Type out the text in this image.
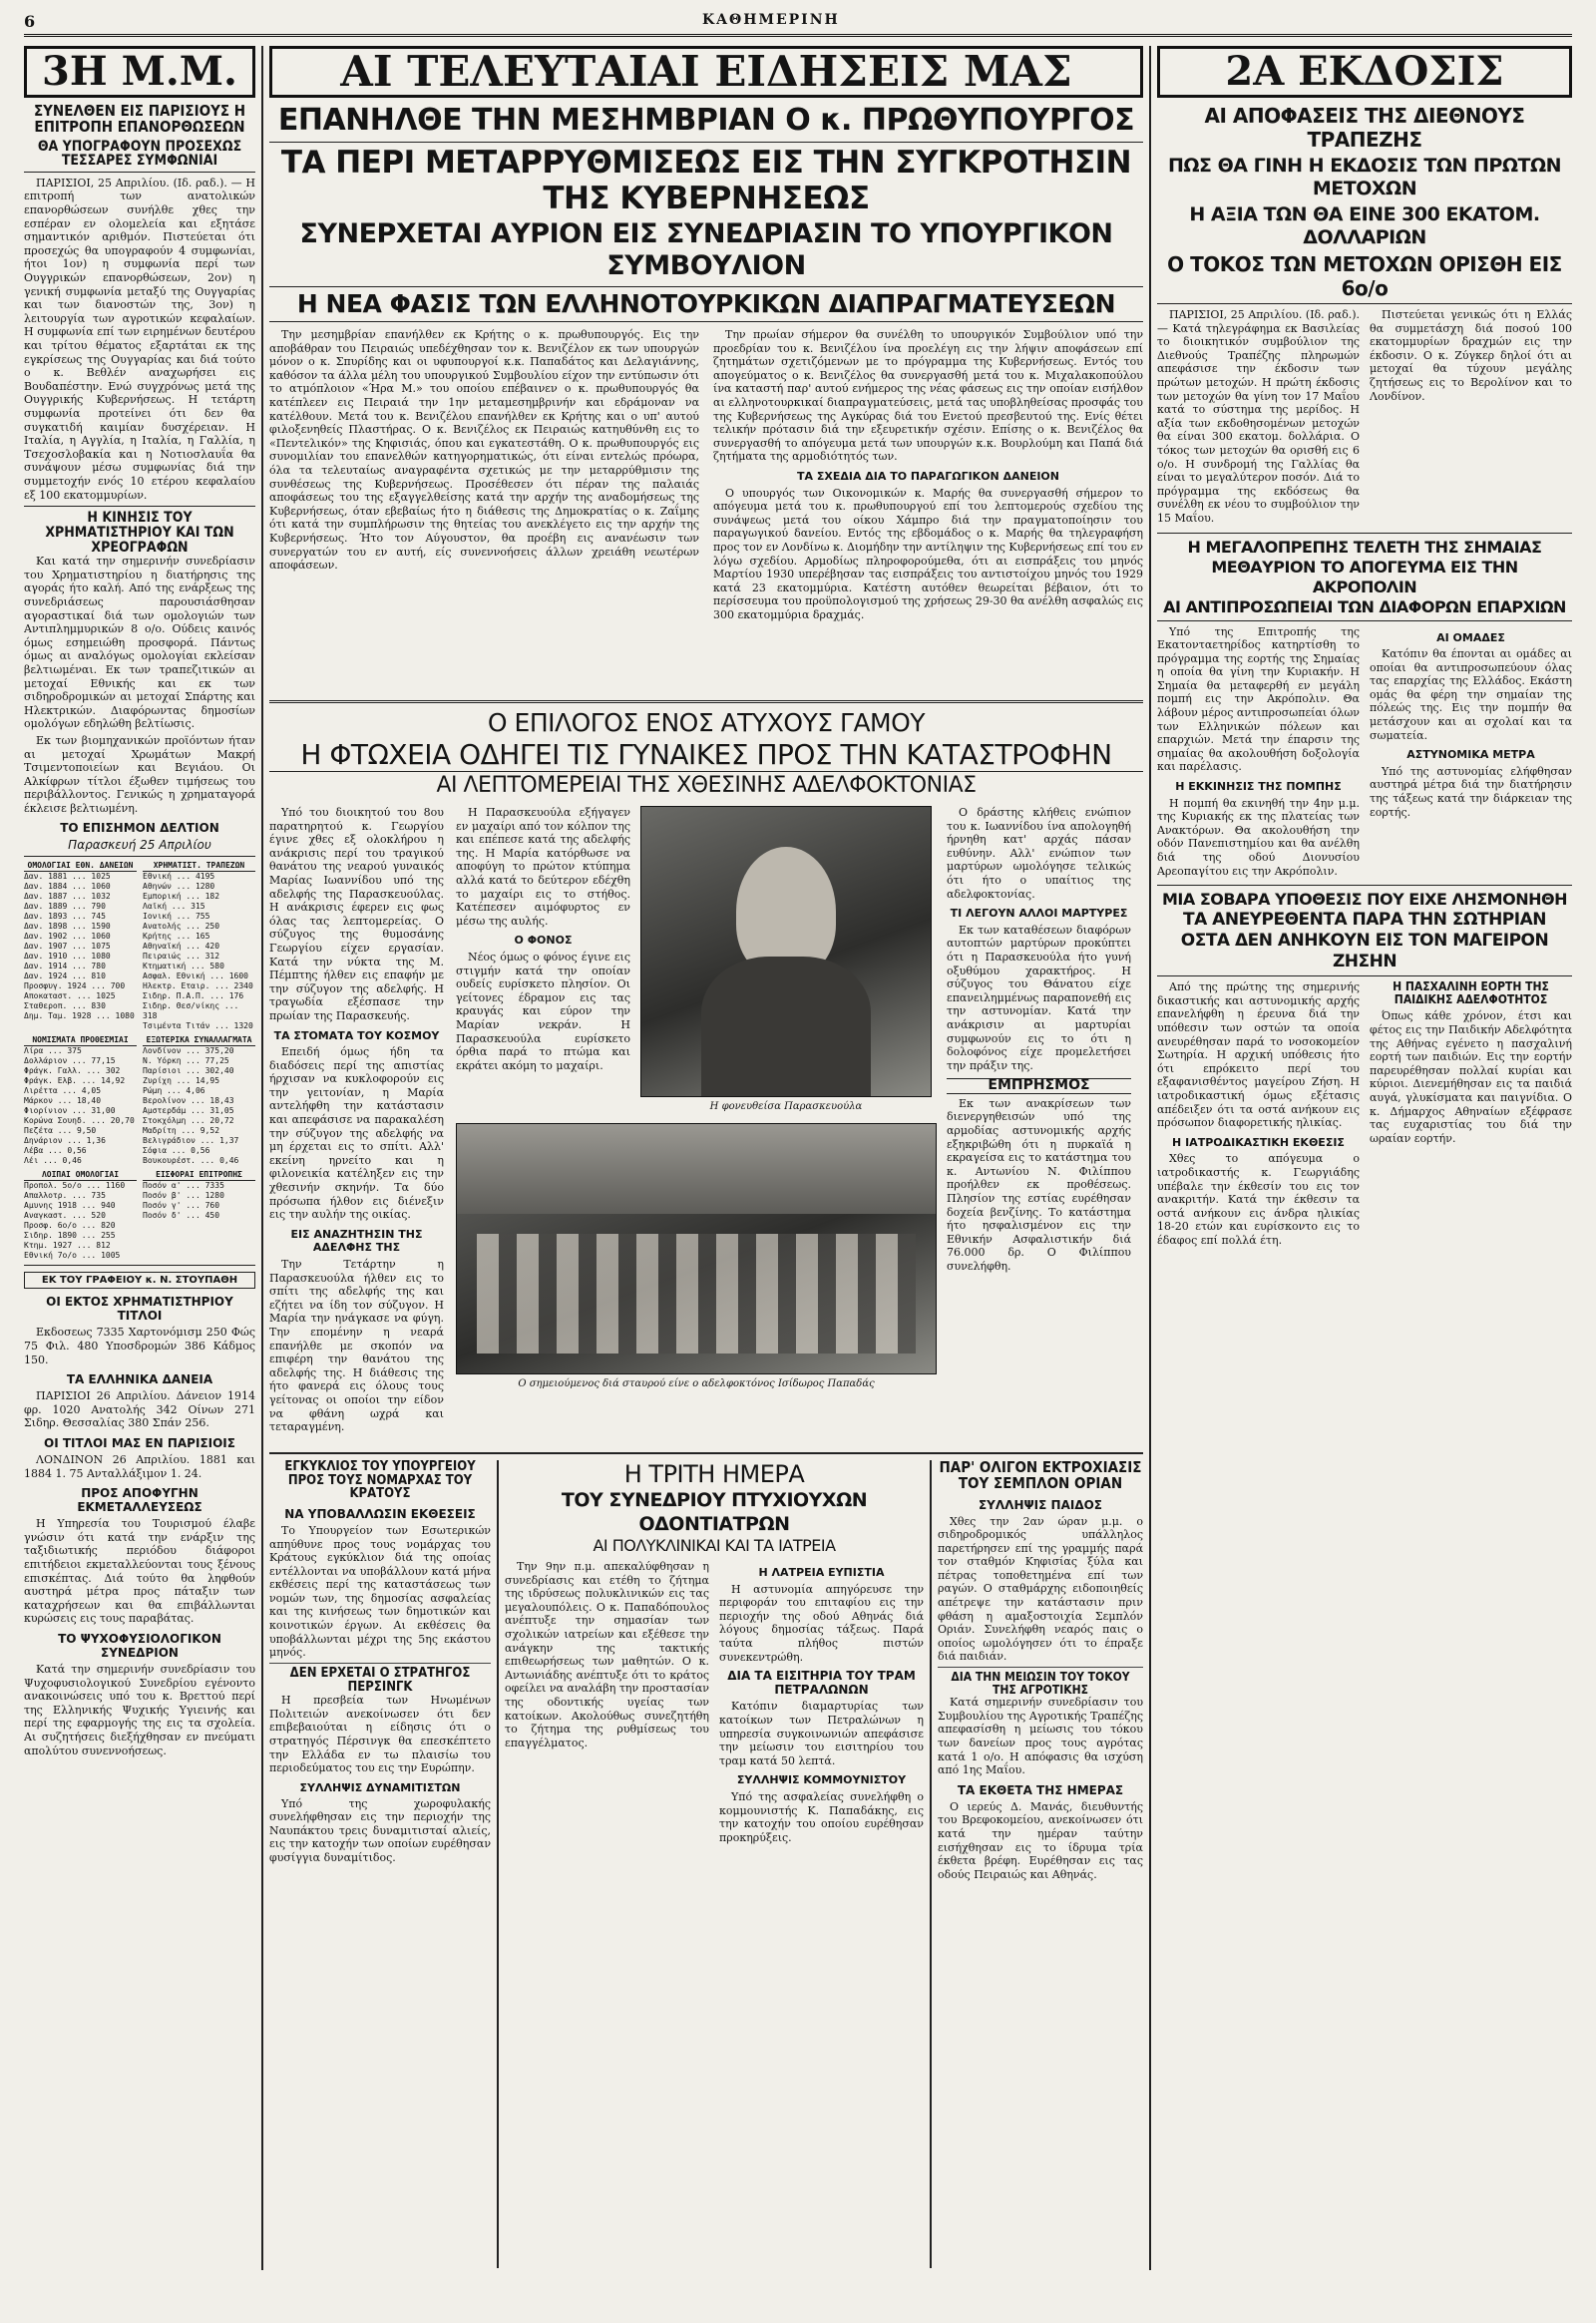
6	ΚΑΘΗΜΕΡΙΝΗ
3Η Μ.Μ.	ΑΙ ΤΕΛΕΥΤΑΙΑΙ ΕΙΔΗΣΕΙΣ ΜΑΣ	2Α ΕΚΔΟΣΙΣ
ΣΥΝΕΛΘΕΝ ΕΙΣ ΠΑΡΙΣΙΟΥΣ Η ΕΠΙΤΡΟΠΗ ΕΠΑΝΟΡΘΩΣΕΩΝ
ΘΑ ΥΠΟΓΡΑΦΟΥΝ ΠΡΟΣΕΧΩΣ ΤΕΣΣΑΡΕΣ ΣΥΜΦΩΝΙΑΙ

ΠΑΡΙΣΙΟΙ, 25 Απριλίου. (Ιδ. ραδ.). — Η επιτροπή των ανατολικών επανορθώσεων συνήλθε χθες την εσπέραν εν ολομελεία και εξητάσε σημαντικόν αριθμόν. Πιστεύεται ότι προσεχώς θα υπογραφούν 4 συμφωνίαι, ήτοι 1ον) η συμφωνία περί των Ουγγρικών επανορθώσεων, 2ον) η γενική συμφωνία μεταξύ της Ουγγαρίας και των διανοστών της, 3ον) η λειτουργία των αγροτικών κεφαλαίων. Η συμφωνία επί των ειρημένων δευτέρου και τρίτου θέματος εξαρτάται εκ της εγκρίσεως της Ουγγαρίας και διά τούτο ο κ. Βεθλέν αναχωρήσει εις Βουδαπέστην. Ενώ συγχρόνως μετά της Ουγγρικής Κυβερνήσεως. Η τετάρτη συμφωνία προτείνει ότι δεν θα συγκατιδή καιμίαν δυσχέρειαν. Η Ιταλία, η Αγγλία, η Ιταλία, η Γαλλία, η Τσεχοσλοβακία και η Νοτιοσλαυΐα θα συνάψουν μέσω συμφωνίας διά την συμμετοχήν ενός 10 ετέρου κεφαλαίου εξ 100 εκατομμυρίων.

Η ΚΙΝΗΣΙΣ ΤΟΥ ΧΡΗΜΑΤΙΣΤΗΡΙΟΥ ΚΑΙ ΤΩΝ ΧΡΕΟΓΡΑΦΩΝ

Και κατά την σημερινήν συνεδρίασιν του Χρηματιστηρίου η διατήρησις της αγοράς ήτο καλή. Από της ενάρξεως της συνεδριάσεως παρουσιάσθησαν αγοραστικαί διά των ομολογιών των Αντιπλημμυρικών 8 ο/ο. Ούδεις καινός όμως εσημειώθη προσφορά. Πάντως όμως αι αναλόγως ομολογίαι εκλείσαν βελτιωμέναι. Εκ των τραπεζιτικών αι μετοχαί Εθνικής και εκ των σιδηροδρομικών αι μετοχαί Σπάρτης και Ηλεκτρικών. Διαφόρωντας δημοσίων ομολόγων εδηλώθη βελτίωσις.

Εκ των βιομηχανικών προϊόντων ήταν αι μετοχαί Χρωμάτων Μακρή Τσιμεντοποιείων και Βεγιάου. Οι Αλκίφρων τίτλοι έξωθεν τιμήσεως του περιβάλλοντος. Γενικώς η χρηματαγορά έκλεισε βελτιωμένη.

ΤΟ ΕΠΙΣΗΜΟΝ ΔΕΛΤΙΟΝ
Παρασκευή 25 Απριλίου
ΟΜΟΛΟΓΙΑΙ ΕΘΝ. ΔΑΝΕΙΩΝ
Δαν. 1881 ... 1025
Δαν. 1884 ... 1060
Δαν. 1887 ... 1032
Δαν. 1889 ... 790
Δαν. 1893 ... 745
Δαν. 1898 ... 1590
Δαν. 1902 ... 1060
Δαν. 1907 ... 1075
Δαν. 1910 ... 1080
Δαν. 1914 ... 780
Δαν. 1924 ... 810
Προσφυγ. 1924 ... 700
Αποκαταστ. ... 1025
Σταθεροπ. ... 830
Δημ. Ταμ. 1928 ... 1080
ΧΡΗΜΑΤΙΣΤ. ΤΡΑΠΕΖΩΝ
Εθνική ... 4195
Αθηνών ... 1280
Εμπορική ... 182
Λαϊκή ... 315
Ιονική ... 755
Ανατολής ... 250
Κρήτης ... 165
Αθηναϊκή ... 420
Πειραιώς ... 312
Κτηματική ... 580
Ασφαλ. Εθνική ... 1600
Ηλεκτρ. Εταιρ. ... 2340
Σιδηρ. Π.Α.Π. ... 176
Σιδηρ. Θεσ/νίκης ... 318
Τσιμέντα Τιτάν ... 1320
ΝΟΜΙΣΜΑΤΑ ΠΡΟΘΕΣΜΙΑΙ
Λίρα ... 375
Δολλάριον ... 77,15
Φράγκ. Γαλλ. ... 302
Φράγκ. Ελβ. ... 14,92
Λιρέττα ... 4,05
Μάρκον ... 18,40
Φιορίνιον ... 31,00
Κορώνα Σουηδ. ... 20,70
Πεζέτα ... 9,50
Δηνάριον ... 1,36
Λέβα ... 0,56
Λέι ... 0,46
ΕΞΩΤΕΡΙΚΑ ΣΥΝΑΛΛΑΓΜΑΤΑ
Λονδίνον ... 375,20
Ν. Υόρκη ... 77,25
Παρίσιοι ... 302,40
Ζυρίχη ... 14,95
Ρώμη ... 4,06
Βερολίνον ... 18,43
Αμστερδάμ ... 31,05
Στοκχόλμη ... 20,72
Μαδρίτη ... 9,52
Βελιγράδιον ... 1,37
Σόφια ... 0,56
Βουκουρέστ. ... 0,46
ΛΟΙΠΑΙ ΟΜΟΛΟΓΙΑΙ
Προπολ. 5ο/ο ... 1160
Απαλλοτρ. ... 735
Αμυνης 1918 ... 940
Αναγκαστ. ... 520
Προσφ. 6ο/ο ... 820
Σιδηρ. 1890 ... 255
Κτημ. 1927 ... 812
Εθνική 7ο/ο ... 1005
ΕΙΣΦΟΡΑΙ ΕΠΙΤΡΟΠΗΣ
Ποσόν α' ... 7335
Ποσόν β' ... 1280
Ποσόν γ' ... 760
Ποσόν δ' ... 450
ΕΚ ΤΟΥ ΓΡΑΦΕΙΟΥ κ. Ν. ΣΤΟΥΠΑΘΗ
ΟΙ ΕΚΤΟΣ ΧΡΗΜΑΤΙΣΤΗΡΙΟΥ ΤΙΤΛΟΙ

Εκδοσεως 7335 Χαρτονόμισμ 250 Φώς 75 Φιλ. 480 Υποσδρομών 386 Κάδμος 150.

ΤΑ ΕΛΛΗΝΙΚΑ ΔΑΝΕΙΑ

ΠΑΡΙΣΙΟΙ 26 Απριλίου. Δάνειον 1914 φρ. 1020 Ανατολής 342 Οίνων 271 Σιδηρ. Θεσσαλίας 380 Σπάν 256.

ΟΙ ΤΙΤΛΟΙ ΜΑΣ ΕΝ ΠΑΡΙΣΙΟΙΣ

ΛΟΝΔΙΝΟΝ 26 Απριλίου. 1881 και 1884 1. 75 Ανταλλάξιμον 1. 24.

ΠΡΟΣ ΑΠΟΦΥΓΗΝ ΕΚΜΕΤΑΛΛΕΥΣΕΩΣ

Η Υπηρεσία του Τουρισμού έλαβε γνώσιν ότι κατά την ενάρξιν της ταξιδιωτικής περιόδου διάφοροι επιτήδειοι εκμεταλλεύονται τους ξένους επισκέπτας. Διά τούτο θα ληφθούν αυστηρά μέτρα προς πάταξιν των καταχρήσεων και θα επιβάλλωνται κυρώσεις εις τους παραβάτας.

ΤΟ ΨΥΧΟΦΥΣΙΟΛΟΓΙΚΟΝ ΣΥΝΕΔΡΙΟΝ

Κατά την σημερινήν συνεδρίασιν του Ψυχοφυσιολογικού Συνεδρίου εγένοντο ανακοινώσεις υπό του κ. Βρεττού περί της Ελληνικής Ψυχικής Υγιεινής και περί της εφαρμογής της εις τα σχολεία. Αι συζητήσεις διεξήχθησαν εν πνεύματι απολύτου συνεννοήσεως.

ΕΠΑΝΗΛΘΕ ΤΗΝ ΜΕΣΗΜΒΡΙΑΝ Ο κ. ΠΡΩΘΥΠΟΥΡΓΟΣ
ΤΑ ΠΕΡΙ ΜΕΤΑΡΡΥΘΜΙΣΕΩΣ ΕΙΣ ΤΗΝ ΣΥΓΚΡΟΤΗΣΙΝ ΤΗΣ ΚΥΒΕΡΝΗΣΕΩΣ
ΣΥΝΕΡΧΕΤΑΙ ΑΥΡΙΟΝ ΕΙΣ ΣΥΝΕΔΡΙΑΣΙΝ ΤΟ ΥΠΟΥΡΓΙΚΟΝ ΣΥΜΒΟΥΛΙΟΝ
Η ΝΕΑ ΦΑΣΙΣ ΤΩΝ ΕΛΛΗΝΟΤΟΥΡΚΙΚΩΝ ΔΙΑΠΡΑΓΜΑΤΕΥΣΕΩΝ

Την μεσημβρίαν επανήλθεν εκ Κρήτης ο κ. πρωθυπουργός. Εις την αποβάθραν του Πειραιώς υπεδέχθησαν τον κ. Βενιζέλον εκ των υπουργών μόνον ο κ. Σπυρίδης και οι υφυπουργοί κ.κ. Παπαδάτος και Δελαγιάννης, καθόσον τα άλλα μέλη του υπουργικού Συμβουλίου είχον την εντύπωσιν ότι το ατμόπλοιον «Ήρα Μ.» του οποίου επέβαινεν ο κ. πρωθυπουργός θα κατέπλεεν εις Πειραιά την 1ην μεταμεσημβρινήν και εδράμοναν να κατέλθουν. Μετά του κ. Βενιζέλου επανήλθεν εκ Κρήτης και ο υπ' αυτού φιλοξενηθείς Πλαστήρας. Ο κ. Βενιζέλος εκ Πειραιώς κατηυθύνθη εις το «Πεντελικόν» της Κηφισιάς, όπου και εγκατεστάθη. Ο κ. πρωθυπουργός εις συνομιλίαν του επανελθών κατηγορηματικώς, ότι είναι εντελώς πρόωρα, όλα τα τελευταίως αναγραφέντα σχετικώς με την μεταρρύθμισιν της συνθέσεως της Κυβερνήσεως. Προσέθεσεν ότι πέραν της παλαιάς αποφάσεως του της εξαγγελθείσης κατά την αρχήν της αναδομήσεως της Κυβερνήσεως, όταν εβεβαίως ήτο η διάθεσις της Δημοκρατίας ο κ. Ζαΐμης ότι κατά την συμπλήρωσιν της θητείας του ανεκλέγετο εις την αρχήν της Κυβερνήσεως. Ήτο τον Αύγουστον, θα προέβη εις ανανέωσιν των συνεργατών του εν αυτή, είς συνεννοήσεις άλλων χρειάθη νεωτέρων αποφάσεων.

Την πρωίαν σήμερον θα συνέλθη το υπουργικόν Συμβούλιον υπό την προεδρίαν του κ. Βενιζέλου ίνα προελέγη εις την λήψιν αποφάσεων επί ζητημάτων σχετιζόμενων με το πρόγραμμα της Κυβερνήσεως. Εντός του απογεύματος ο κ. Βενιζέλος θα συνεργασθή μετά του κ. Μιχαλακοπούλου ίνα καταστή παρ' αυτού ενήμερος της νέας φάσεως εις την οποίαν εισήλθον αι ελληνοτουρκικαί διαπραγματεύσεις, μετά τας υποβληθείσας προσφάς του της Κυβερνήσεως της Αγκύρας διά του Ενετού πρεσβευτού της. Ενίς θέτει τελικήν πρότασιν διά την εξευρετικήν σχέσιν. Επίσης ο κ. Βενιζέλος θα συνεργασθή το απόγευμα μετά των υπουργών κ.κ. Βουρλούμη και Παπά διά ζητήματα της αρμοδιότητός των.

ΤΑ ΣΧΕΔΙΑ ΔΙΑ ΤΟ ΠΑΡΑΓΩΓΙΚΟΝ ΔΑΝΕΙΟΝ

Ο υπουργός των Οικονομικών κ. Μαρής θα συνεργασθή σήμερον το απόγευμα μετά του κ. πρωθυπουργού επί του λεπτομερούς σχεδίου της συνάψεως μετά του οίκου Χάμπρο διά την πραγματοποίησιν του παραγωγικού δανείου. Εντός της εβδομάδος ο κ. Μαρής θα τηλεγραφήση προς τον εν Λονδίνω κ. Διομήδην την αντίληψιν της Κυβερνήσεως επί του εν λόγω σχεδίου. Αρμοδίως πληροφορούμεθα, ότι αι εισπράξεις του μηνός Μαρτίου 1930 υπερέβησαν τας εισπράξεις του αντιστοίχου μηνός του 1929 κατά 23 εκατομμύρια. Κατέστη αυτόθεν θεωρείται βέβαιον, ότι το περίσσευμα του προϋπολογισμού της χρήσεως 29-30 θα ανέλθη ασφαλώς εις 300 εκατομμύρια δραχμάς.

Ο ΕΠΙΛΟΓΟΣ ΕΝΟΣ ΑΤΥΧΟΥΣ ΓΑΜΟΥ
Η ΦΤΩΧΕΙΑ ΟΔΗΓΕΙ ΤΙΣ ΓΥΝΑΙΚΕΣ ΠΡΟΣ ΤΗΝ ΚΑΤΑΣΤΡΟΦΗΝ
ΑΙ ΛΕΠΤΟΜΕΡΕΙΑΙ ΤΗΣ ΧΘΕΣΙΝΗΣ ΑΔΕΛΦΟΚΤΟΝΙΑΣ

Υπό του διοικητού του 8ου παρατηρητού κ. Γεωργίου έγινε χθες εξ ολοκλήρου η ανάκρισις περί του τραγικού θανάτου της νεαρού γυναικός Μαρίας Ιωαννίδου υπό της αδελφής της Παρασκευούλας. Η ανάκρισις έφερεν εις φως όλας τας λεπτομερείας. Ο σύζυγος της θυμοσάνης Γεωργίου είχεν εργασίαν. Κατά την νύκτα της Μ. Πέμπτης ήλθεν εις επαφήν με την σύζυγον της αδελφής. Η τραγωδία εξέσπασε την πρωίαν της Παρασκευής.

ΤΑ ΣΤΟΜΑΤΑ ΤΟΥ ΚΟΣΜΟΥ

Επειδή όμως ήδη τα διαδόσεις περί της απιστίας ήρχισαν να κυκλοφορούν εις την γειτονίαν, η Μαρία αντελήφθη την κατάστασιν και απεφάσισε να παρακαλέση την σύζυγον της αδελφής να μη έρχεται εις το σπίτι. Αλλ' εκείνη ηρνείτο και η φιλονεικία κατέληξεν εις την χθεσινήν σκηνήν. Τα δύο πρόσωπα ήλθον εις διένεξιν εις την αυλήν της οικίας.

ΕΙΣ ΑΝΑΖΗΤΗΣΙΝ ΤΗΣ ΑΔΕΛΦΗΣ ΤΗΣ

Την Τετάρτην η Παρασκευούλα ήλθεν εις το σπίτι της αδελφής της και εζήτει να ίδη τον σύζυγον. Η Μαρία την ηνάγκασε να φύγη. Την επομένην η νεαρά επανήλθε με σκοπόν να επιφέρη την θανάτου της αδελφής της. Η διάθεσις της ήτο φανερά εις όλους τους γείτονας οι οποίοι την είδον να φθάνη ωχρά και τεταραγμένη.

Η Παρασκευούλα εξήγαγεν εν μαχαίρι από τον κόλπον της και επέπεσε κατά της αδελφής της. Η Μαρία κατόρθωσε να αποφύγη το πρώτον κτύπημα αλλά κατά το δεύτερον εδέχθη το μαχαίρι εις το στήθος. Κατέπεσεν αιμόφυρτος εν μέσω της αυλής.

Ο ΦΟΝΟΣ

Νέος όμως ο φόνος έγινε εις στιγμήν κατά την οποίαν ουδείς ευρίσκετο πλησίον. Οι γείτονες έδραμον εις τας κραυγάς και εύρον την Μαρίαν νεκράν. Η Παρασκευούλα ευρίσκετο όρθια παρά το πτώμα και εκράτει ακόμη το μαχαίρι.

Η φονευθείσα Παρασκευούλα
Ο σημειούμενος διά σταυρού είνε ο αδελφοκτόνος Ισίδωρος Παπαδάς

Ο δράστης κλήθεις ενώπιον του κ. Ιωαννίδου ίνα απολογηθή ήρνηθη κατ' αρχάς πάσαν ευθύνην. Αλλ' ενώπιον των μαρτύρων ωμολόγησε τελικώς ότι ήτο ο υπαίτιος της αδελφοκτονίας.

ΤΙ ΛΕΓΟΥΝ ΑΛΛΟΙ ΜΑΡΤΥΡΕΣ

Εκ των καταθέσεων διαφόρων αυτοπτών μαρτύρων προκύπτει ότι η Παρασκευούλα ήτο γυνή οξυθύμου χαρακτήρος. Η σύζυγος του Θάνατου είχε επανειλημμένως παραπονεθή εις την αστυνομίαν. Κατά την ανάκρισιν αι μαρτυρίαι συμφωνούν εις το ότι η δολοφόνος είχε προμελετήσει την πράξιν της.

ΕΜΠΡΗΣΜΟΣ

Εκ των ανακρίσεων των διενεργηθεισών υπό της αρμοδίας αστυνομικής αρχής εξηκριβώθη ότι η πυρκαϊά η εκραγείσα εις το κατάστημα του κ. Αντωνίου Ν. Φιλίππου προήλθεν εκ προθέσεως. Πλησίον της εστίας ευρέθησαν δοχεία βενζίνης. Το κατάστημα ήτο ησφαλισμένον εις την Εθνικήν Ασφαλιστικήν διά 76.000 δρ. Ο Φιλίππου συνελήφθη.

ΕΓΚΥΚΛΙΟΣ ΤΟΥ ΥΠΟΥΡΓΕΙΟΥ ΠΡΟΣ ΤΟΥΣ ΝΟΜΑΡΧΑΣ ΤΟΥ ΚΡΑΤΟΥΣ
ΝΑ ΥΠΟΒΑΛΛΩΣΙΝ ΕΚΘΕΣΕΙΣ

Το Υπουργείον των Εσωτερικών απηύθυνε προς τους νομάρχας του Κράτους εγκύκλιον διά της οποίας εντέλλονται να υποβάλλουν κατά μήνα εκθέσεις περί της καταστάσεως των νομών των, της δημοσίας ασφαλείας και της κινήσεως των δημοτικών και κοινοτικών έργων. Αι εκθέσεις θα υποβάλλωνται μέχρι της 5ης εκάστου μηνός.

ΔΕΝ ΕΡΧΕΤΑΙ Ο ΣΤΡΑΤΗΓΟΣ ΠΕΡΣΙΝΓΚ

Η πρεσβεία των Ηνωμένων Πολιτειών ανεκοίνωσεν ότι δεν επιβεβαιούται η είδησις ότι ο στρατηγός Πέρσινγκ θα επεσκέπτετο την Ελλάδα εν τω πλαισίω του περιοδεύματος του εις την Ευρώπην.

ΣΥΛΛΗΨΙΣ ΔΥΝΑΜΙΤΙΣΤΩΝ

Υπό της χωροφυλακής συνελήφθησαν εις την περιοχήν της Ναυπάκτου τρεις δυναμιτισταί αλιείς, εις την κατοχήν των οποίων ευρέθησαν φυσίγγια δυναμίτιδος.

Η ΤΡΙΤΗ ΗΜΕΡΑ
ΤΟΥ ΣΥΝΕΔΡΙΟΥ ΠΤΥΧΙΟΥΧΩΝ ΟΔΟΝΤΙΑΤΡΩΝ
ΑΙ ΠΟΛΥΚΛΙΝΙΚΑΙ ΚΑΙ ΤΑ ΙΑΤΡΕΙΑ

Την 9ην π.μ. απεκαλύφθησαν η συνεδρίασις και ετέθη το ζήτημα της ιδρύσεως πολυκλινικών εις τας μεγαλουπόλεις. Ο κ. Παπαδόπουλος ανέπτυξε την σημασίαν των σχολικών ιατρείων και εξέθεσε την ανάγκην της τακτικής επιθεωρήσεως των μαθητών. Ο κ. Αντωνιάδης ανέπτυξε ότι το κράτος οφείλει να αναλάβη την προστασίαν της οδοντικής υγείας των κατοίκων. Ακολούθως συνεζητήθη το ζήτημα της ρυθμίσεως του επαγγέλματος.

Η ΛΑΤΡΕΙΑ ΕΥΠΙΣΤΙΑ

Η αστυνομία απηγόρευσε την περιφοράν του επιταφίου εις την περιοχήν της οδού Αθηνάς διά λόγους δημοσίας τάξεως. Παρά ταύτα πλήθος πιστών συνεκεντρώθη.

ΔΙΑ ΤΑ ΕΙΣΙΤΗΡΙΑ ΤΟΥ ΤΡΑΜ ΠΕΤΡΑΛΩΝΩΝ

Κατόπιν διαμαρτυρίας των κατοίκων των Πετραλώνων η υπηρεσία συγκοινωνιών απεφάσισε την μείωσιν του εισιτηρίου του τραμ κατά 50 λεπτά.

ΣΥΛΛΗΨΙΣ ΚΟΜΜΟΥΝΙΣΤΟΥ

Υπό της ασφαλείας συνελήφθη ο κομμουνιστής Κ. Παπαδάκης, εις την κατοχήν του οποίου ευρέθησαν προκηρύξεις.

ΠΑΡ' ΟΛΙΓΟΝ ΕΚΤΡΟΧΙΑΣΙΣ ΤΟΥ ΣΕΜΠΛΟΝ ΟΡΙΑΝ
ΣΥΛΛΗΨΙΣ ΠΑΙΔΟΣ

Χθες την 2αν ώραν μ.μ. ο σιδηροδρομικός υπάλληλος παρετήρησεν επί της γραμμής παρά τον σταθμόν Κηφισίας ξύλα και πέτρας τοποθετημένα επί των ραγών. Ο σταθμάρχης ειδοποιηθείς απέτρεψε την κατάστασιν πριν φθάση η αμαξοστοιχία Σεμπλόν Οριάν. Συνελήφθη νεαρός παις ο οποίος ωμολόγησεν ότι το έπραξε διά παιδιάν.

ΔΙΑ ΤΗΝ ΜΕΙΩΣΙΝ ΤΟΥ ΤΟΚΟΥ ΤΗΣ ΑΓΡΟΤΙΚΗΣ

Κατά σημερινήν συνεδρίασιν του Συμβουλίου της Αγροτικής Τραπέζης απεφασίσθη η μείωσις του τόκου των δανείων προς τους αγρότας κατά 1 ο/ο. Η απόφασις θα ισχύση από 1ης Μαΐου.

ΤΑ ΕΚΘΕΤΑ ΤΗΣ ΗΜΕΡΑΣ

Ο ιερεύς Δ. Μανάς, διευθυντής του Βρεφοκομείου, ανεκοίνωσεν ότι κατά την ημέραν ταύτην εισήχθησαν εις το ίδρυμα τρία έκθετα βρέφη. Ευρέθησαν εις τας οδούς Πειραιώς και Αθηνάς.

ΑΙ ΑΠΟΦΑΣΕΙΣ ΤΗΣ ΔΙΕΘΝΟΥΣ ΤΡΑΠΕΖΗΣ
ΠΩΣ ΘΑ ΓΙΝΗ Η ΕΚΔΟΣΙΣ ΤΩΝ ΠΡΩΤΩΝ ΜΕΤΟΧΩΝ
Η ΑΞΙΑ ΤΩΝ ΘΑ ΕΙΝΕ 300 ΕΚΑΤΟΜ. ΔΟΛΛΑΡΙΩΝ
Ο ΤΟΚΟΣ ΤΩΝ ΜΕΤΟΧΩΝ ΟΡΙΣΘΗ ΕΙΣ 6ο/ο

ΠΑΡΙΣΙΟΙ, 25 Απριλίου. (Ιδ. ραδ.). — Κατά τηλεγράφημα εκ Βασιλείας το διοικητικόν συμβούλιον της Διεθνούς Τραπέζης πληρωμών απεφάσισε την έκδοσιν των πρώτων μετοχών. Η πρώτη έκδοσις των μετοχών θα γίνη τον 17 Μαΐου κατά το σύστημα της μερίδος. Η αξία των εκδοθησομένων μετοχών θα είναι 300 εκατομ. δολλάρια. Ο τόκος των μετοχών θα ορισθή εις 6 ο/ο. Η συνδρομή της Γαλλίας θα είναι το μεγαλύτερον ποσόν. Διά το πρόγραμμα της εκδόσεως θα συνέλθη εκ νέου το συμβούλιον την 15 Μαΐου.

Πιστεύεται γενικώς ότι η Ελλάς θα συμμετάσχη διά ποσού 100 εκατομμυρίων δραχμών εις την έκδοσιν. Ο κ. Ζύγκερ δηλοί ότι αι μετοχαί θα τύχουν μεγάλης ζητήσεως εις το Βερολίνον και το Λονδίνον.

Η ΜΕΓΑΛΟΠΡΕΠΗΣ ΤΕΛΕΤΗ ΤΗΣ ΣΗΜΑΙΑΣ ΜΕΘΑΥΡΙΟΝ ΤΟ ΑΠΟΓΕΥΜΑ ΕΙΣ ΤΗΝ ΑΚΡΟΠΟΛΙΝ
ΑΙ ΑΝΤΙΠΡΟΣΩΠΕΙΑΙ ΤΩΝ ΔΙΑΦΟΡΩΝ ΕΠΑΡΧΙΩΝ

Υπό της Επιτροπής της Εκατονταετηρίδος κατηρτίσθη το πρόγραμμα της εορτής της Σημαίας η οποία θα γίνη την Κυριακήν. Η Σημαία θα μεταφερθή εν μεγάλη πομπή εις την Ακρόπολιν. Θα λάβουν μέρος αντιπροσωπείαι όλων των Ελληνικών πόλεων και επαρχιών. Μετά την έπαρσιν της σημαίας θα ακολουθήση δοξολογία και παρέλασις.

Η ΕΚΚΙΝΗΣΙΣ ΤΗΣ ΠΟΜΠΗΣ

Η πομπή θα εκινηθή την 4ην μ.μ. της Κυριακής εκ της πλατείας των Ανακτόρων. Θα ακολουθήση την οδόν Πανεπιστημίου και θα ανέλθη διά της οδού Διονυσίου Αρεοπαγίτου εις την Ακρόπολιν.

ΑΙ ΟΜΑΔΕΣ

Κατόπιν θα έπονται αι ομάδες αι οποίαι θα αντιπροσωπεύουν όλας τας επαρχίας της Ελλάδος. Εκάστη ομάς θα φέρη την σημαίαν της πόλεώς της. Εις την πομπήν θα μετάσχουν και αι σχολαί και τα σωματεία.

ΑΣΤΥΝΟΜΙΚΑ ΜΕΤΡΑ

Υπό της αστυνομίας ελήφθησαν αυστηρά μέτρα διά την διατήρησιν της τάξεως κατά την διάρκειαν της εορτής.

ΜΙΑ ΣΟΒΑΡΑ ΥΠΟΘΕΣΙΣ ΠΟΥ ΕΙΧΕ ΛΗΣΜΟΝΗΘΗ
ΤΑ ΑΝΕΥΡΕΘΕΝΤΑ ΠΑΡΑ ΤΗΝ ΣΩΤΗΡΙΑΝ ΟΣΤΑ ΔΕΝ ΑΝΗΚΟΥΝ ΕΙΣ ΤΟΝ ΜΑΓΕΙΡΟΝ ΖΗΣΗΝ

Από της πρώτης της σημερινής δικαστικής και αστυνομικής αρχής επανελήφθη η έρευνα διά την υπόθεσιν των οστών τα οποία ανευρέθησαν παρά το νοσοκομείον Σωτηρία. Η αρχική υπόθεσις ήτο ότι επρόκειτο περί του εξαφανισθέντος μαγείρου Ζήση. Η ιατροδικαστική όμως εξέτασις απέδειξεν ότι τα οστά ανήκουν εις πρόσωπον διαφορετικής ηλικίας.

Η ΙΑΤΡΟΔΙΚΑΣΤΙΚΗ ΕΚΘΕΣΙΣ

Χθες το απόγευμα ο ιατροδικαστής κ. Γεωργιάδης υπέβαλε την έκθεσίν του εις τον ανακριτήν. Κατά την έκθεσιν τα οστά ανήκουν εις άνδρα ηλικίας 18-20 ετών και ευρίσκοντο εις το έδαφος επί πολλά έτη.

Η ΠΑΣΧΑΛΙΝΗ ΕΟΡΤΗ ΤΗΣ ΠΑΙΔΙΚΗΣ ΑΔΕΛΦΟΤΗΤΟΣ

Όπως κάθε χρόνον, έτσι και φέτος εις την Παιδικήν Αδελφότητα της Αθήνας εγένετο η πασχαλινή εορτή των παιδιών. Εις την εορτήν παρευρέθησαν πολλαί κυρίαι και κύριοι. Διενεμήθησαν εις τα παιδιά αυγά, γλυκίσματα και παιγνίδια. Ο κ. Δήμαρχος Αθηναίων εξέφρασε τας ευχαριστίας του διά την ωραίαν εορτήν.
